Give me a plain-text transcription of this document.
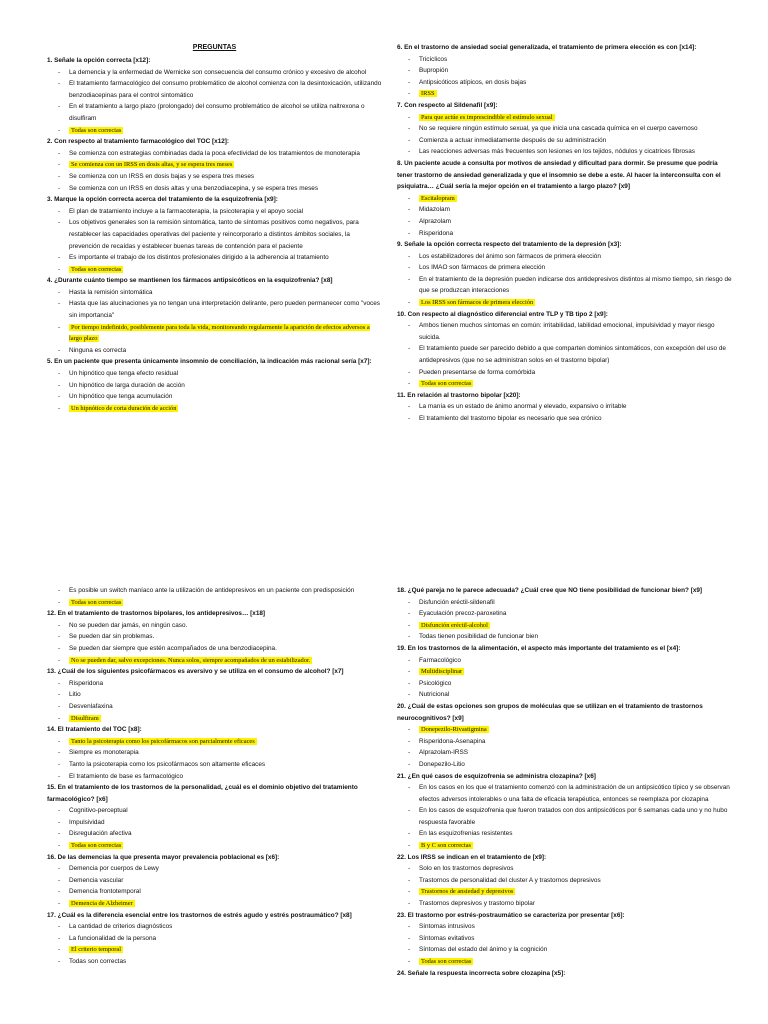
PREGUNTAS
1. Señale la opción correcta [x12]:
- La demencia y la enfermedad de Wernicke son consecuencia del consumo crónico y excesivo de alcohol
- El tratamiento farmacológico del consumo problemático de alcohol comienza con la desintoxicación, utilizando benzodiacepinas para el control sintomático
- En el tratamiento a largo plazo (prolongado) del consumo problemático de alcohol se utiliza naltrexona o disulfiram
- Todas son correctas
2. Con respecto al tratamiento farmacológico del TOC [x12]:
- Se comienza con estrategias combinadas dada la poca efectividad de los tratamientos de monoterapia
- Se comienza con un IRSS en dosis altas, y se espera tres meses
- Se comienza con un IRSS en dosis bajas y se espera tres meses
- Se comienza con un IRSS en dosis altas y una benzodiacepina, y se espera tres meses
3. Marque la opción correcta acerca del tratamiento de la esquizofrenia [x9]:
- El plan de tratamiento incluye a la farmacoterapia, la psicoterapia y el apoyo social
- Los objetivos generales son la remisión sintomática, tanto de síntomas positivos como negativos, para restablecer las capacidades operativas del paciente y reincorporarlo a distintos ámbitos sociales, la prevención de recaídas y establecer buenas tareas de contención para el paciente
- Es importante el trabajo de los distintos profesionales dirigido a la adherencia al tratamiento
- Todas son correctas
4. ¿Durante cuánto tiempo se mantienen los fármacos antipsicóticos en la esquizofrenia? [x8]
- Hasta la remisión sintomática
- Hasta que las alucinaciones ya no tengan una interpretación delirante, pero pueden permanecer como "voces sin importancia"
- Por tiempo indefinido, posiblemente para toda la vida, monitoreando regularmente la aparición de efectos adversos a largo plazo
- Ninguna es correcta
5. En un paciente que presenta únicamente insomnio de conciliación, la indicación más racional sería [x7]:
- Un hipnótico que tenga efecto residual
- Un hipnótico de larga duración de acción
- Un hipnótico que tenga acumulación
- Un hipnótico de corta duración de acción
6. En el trastorno de ansiedad social generalizada, el tratamiento de primera elección es con [x14]:
- Tricíclicos
- Bupropión
- Antipsicóticos atípicos, en dosis bajas
- IRSS
7. Con respecto al Sildenafil [x9]:
- Para que actúe es imprescindible el estímulo sexual
- No se requiere ningún estímulo sexual, ya que inicia una cascada química en el cuerpo cavernoso
- Comienza a actuar inmediatamente después de su administración
- Las reacciones adversas más frecuentes son lesiones en los tejidos, nódulos y cicatrices fibrosas
8. Un paciente acude a consulta por motivos de ansiedad y dificultad para dormir. Se presume que podría tener trastorno de ansiedad generalizada y que el insomnio se debe a este. Al hacer la interconsulta con el psiquiatra… ¿Cuál sería la mejor opción en el tratamiento a largo plazo? [x9]
- Escitalopram
- Midazolam
- Alprazolam
- Risperidona
9. Señale la opción correcta respecto del tratamiento de la depresión [x3]:
- Los estabilizadores del ánimo son fármacos de primera elección
- Los IMAO son fármacos de primera elección
- En el tratamiento de la depresión pueden indicarse dos antidepresivos distintos al mismo tiempo, sin riesgo de que se produzcan interacciones
- Los IRSS son fármacos de primera elección
10. Con respecto al diagnóstico diferencial entre TLP y TB tipo 2 [x9]:
- Ambos tienen muchos síntomas en común: irritabilidad, labilidad emocional, impulsividad y mayor riesgo suicida.
- El tratamiento puede ser parecido debido a que comparten dominios sintomáticos, con excepción del uso de antidepresivos (que no se administran solos en el trastorno bipolar)
- Pueden presentarse de forma comórbida
- Todas son correctas
11. En relación al trastorno bipolar [x20]:
- La manía es un estado de ánimo anormal y elevado, expansivo o irritable
- El tratamiento del trastorno bipolar es necesario que sea crónico
- Es posible un switch maníaco ante la utilización de antidepresivos en un paciente con predisposición
- Todas son correctas
12. En el tratamiento de trastornos bipolares, los antidepresivos… [x18]
- No se pueden dar jamás, en ningún caso.
- Se pueden dar sin problemas.
- Se pueden dar siempre que estén acompañados de una benzodiacepina.
- No se pueden dar, salvo excepciones. Nunca solos, siempre acompañados de un estabilizador.
13. ¿Cuál de los siguientes psicofármacos es aversivo y se utiliza en el consumo de alcohol? [x7]
- Risperidona
- Litio
- Desvenlafaxina
- Disulfiram
14. El tratamiento del TOC [x8]:
- Tanto la psicoterapia como los psicofármacos son parcialmente eficaces
- Siempre es monoterapia
- Tanto la psicoterapia como los psicofármacos son altamente eficaces
- El tratamiento de base es farmacológico
15. En el tratamiento de los trastornos de la personalidad, ¿cuál es el dominio objetivo del tratamiento farmacológico? [x6]
- Cognitivo-perceptual
- Impulsividad
- Disregulación afectiva
- Todas son correctas
16. De las demencias la que presenta mayor prevalencia poblacional es [x6]:
- Demencia por cuerpos de Lewy
- Demencia vascular
- Demencia frontotemporal
- Demencia de Alzheimer
17. ¿Cuál es la diferencia esencial entre los trastornos de estrés agudo y estrés postraumático? [x8]
- La cantidad de criterios diagnósticos
- La funcionalidad de la persona
- El criterio temporal
- Todas son correctas
18. ¿Qué pareja no le parece adecuada? ¿Cuál cree que NO tiene posibilidad de funcionar bien? [x9]
- Disfunción eréctil-sildenafil
- Eyaculación precoz-paroxetina
- Disfunción eréctil-alcohol
- Todas tienen posibilidad de funcionar bien
19. En los trastornos de la alimentación, el aspecto más importante del tratamiento es el [x4]:
- Farmacológico
- Multidisciplinar
- Psicológico
- Nutricional
20. ¿Cuál de estas opciones son grupos de moléculas que se utilizan en el tratamiento de trastornos neurocognitivos? [x9]
- Donepezilo-Rivastigmina
- Risperidona-Asenapina
- Alprazolam-IRSS
- Donepezilo-Litio
21. ¿En qué casos de esquizofrenia se administra clozapina? [x6]
- En los casos en los que el tratamiento comenzó con la administración de un antipsicótico típico y se observan efectos adversos intolerables o una falta de eficacia terapéutica, entonces se reemplaza por clozapina
- En los casos de esquizofrenia que fueron tratados con dos antipsicóticos por 6 semanas cada uno y no hubo respuesta favorable
- En las esquizofrenias resistentes
- B y C son correctas
22. Los IRSS se indican en el tratamiento de [x9]:
- Solo en los trastornos depresivos
- Trastornos de personalidad del cluster A y trastornos depresivos
- Trastornos de ansiedad y depresivos
- Trastornos depresivos y trastorno bipolar
23. El trastorno por estrés-postraumático se caracteriza por presentar [x6]:
- Síntomas intrusivos
- Síntomas evitativos
- Síntomas del estado del ánimo y la cognición
- Todas son correctas
24. Señale la respuesta incorrecta sobre clozapina [x5]:
